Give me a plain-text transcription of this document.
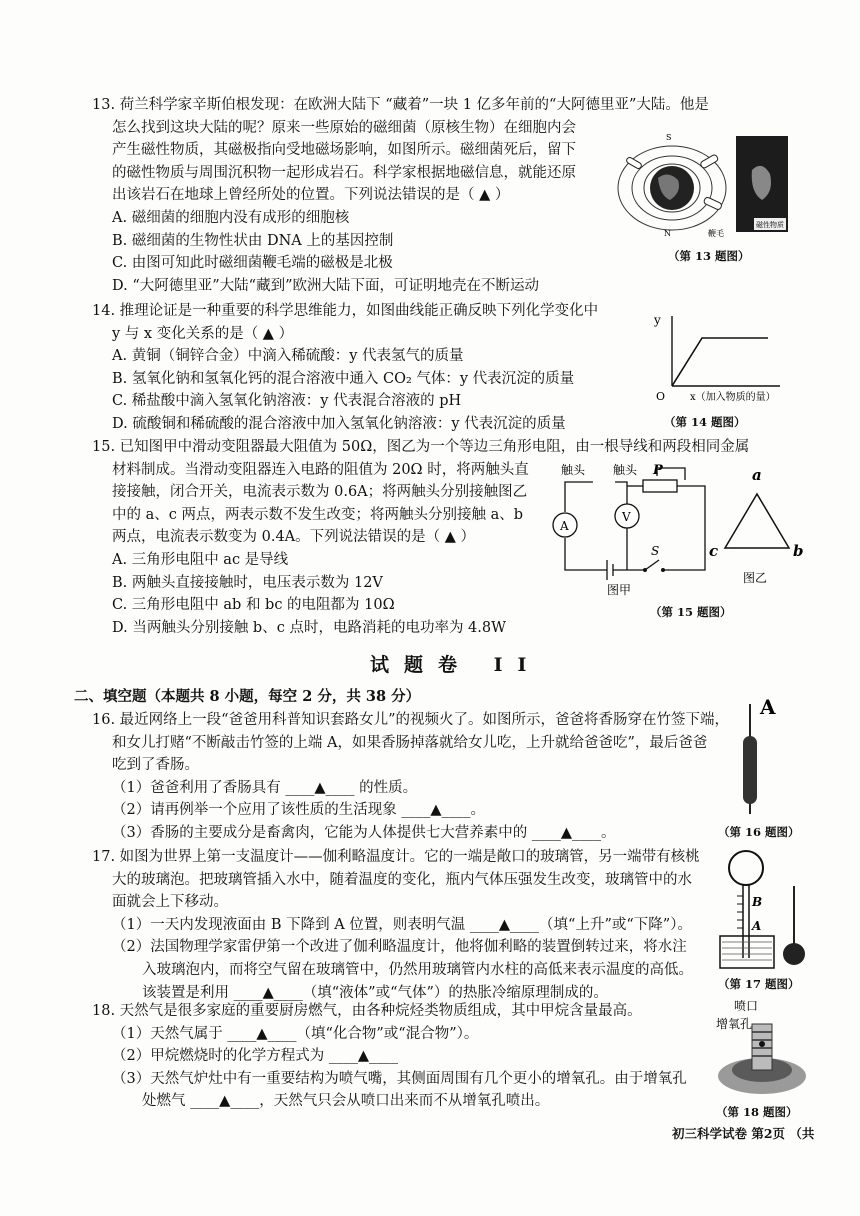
13. 荷兰科学家辛斯伯根发现：在欧洲大陆下 “藏着”一块 1 亿多年前的“大阿德里亚”大陆。他是

怎么找到这块大陆的呢？原来一些原始的磁细菌（原核生物）在细胞内会

产生磁性物质，其磁极指向受地磁场影响，如图所示。磁细菌死后，留下

的磁性物质与周围沉积物一起形成岩石。科学家根据地磁信息，就能还原

出该岩石在地球上曾经所处的位置。下列说法错误的是（ ▲ ）

A. 磁细菌的细胞内没有成形的细胞核

B. 磁细菌的生物性状由 DNA 上的基因控制

C. 由图可知此时磁细菌鞭毛端的磁极是北极

D. “大阿德里亚”大陆“藏到”欧洲大陆下面，可证明地壳在不断运动

S
N	鞭毛
磁性物质
（第 13 题图）

14. 推理论证是一种重要的科学思维能力，如图曲线能正确反映下列化学变化中

y 与 x 变化关系的是（ ▲ ）

A. 黄铜（铜锌合金）中滴入稀硫酸：y 代表氢气的质量

B. 氢氧化钠和氢氧化钙的混合溶液中通入 CO₂ 气体：y 代表沉淀的质量

C. 稀盐酸中滴入氢氧化钠溶液：y 代表混合溶液的 pH

D. 硫酸铜和稀硫酸的混合溶液中加入氢氧化钠溶液：y 代表沉淀的质量

y
O x（加入物质的量）
（第 14 题图）

15. 已知图甲中滑动变阻器最大阻值为 50Ω，图乙为一个等边三角形电阻，由一根导线和两段相同金属

材料制成。当滑动变阻器连入电路的阻值为 20Ω 时，将两触头直

接接触，闭合开关，电流表示数为 0.6A；将两触头分别接触图乙

中的 a、c 两点，两表示数不发生改变；将两触头分别接触 a、b

两点，电流表示数变为 0.4A。下列说法错误的是（ ▲ ）

A. 三角形电阻中 ac 是导线

B. 两触头直接接触时，电压表示数为 12V

C. 三角形电阻中 ab 和 bc 的电阻都为 10Ω

D. 当两触头分别接触 b、c 点时，电路消耗的电功率为 4.8W

触头 触头 P
A
V
S
图甲
a
b
c
图乙
（第 15 题图）
试题卷 II

二、填空题（本题共 8 小题，每空 2 分，共 38 分）

16. 最近网络上一段“爸爸用科普知识套路女儿”的视频火了。如图所示，爸爸将香肠穿在竹签下端，

和女儿打赌“不断敲击竹签的上端 A，如果香肠掉落就给女儿吃，上升就给爸爸吃”，最后爸爸

吃到了香肠。

（1）爸爸利用了香肠具有 ____▲____ 的性质。

（2）请再例举一个应用了该性质的生活现象 ____▲____。

（3）香肠的主要成分是畜禽肉，它能为人体提供七大营养素中的 ____▲____。

A
（第 16 题图）

17. 如图为世界上第一支温度计——伽利略温度计。它的一端是敞口的玻璃管，另一端带有核桃

大的玻璃泡。把玻璃管插入水中，随着温度的变化，瓶内气体压强发生改变，玻璃管中的水

面就会上下移动。

（1）一天内发现液面由 B 下降到 A 位置，则表明气温 ____▲____（填“上升”或“下降”）。

（2）法国物理学家雷伊第一个改进了伽利略温度计，他将伽利略的装置倒转过来，将水注

入玻璃泡内，而将空气留在玻璃管中，仍然用玻璃管内水柱的高低来表示温度的高低。

该装置是利用 ____▲____（填“液体”或“气体”）的热胀冷缩原理制成的。

B
A
（第 17 题图）

18. 天然气是很多家庭的重要厨房燃气，由各种烷烃类物质组成，其中甲烷含量最高。

（1）天然气属于 ____▲____（填“化合物”或“混合物”）。

（2）甲烷燃烧时的化学方程式为 ____▲____

（3）天然气炉灶中有一重要结构为喷气嘴，其侧面周围有几个更小的增氧孔。由于增氧孔

处燃气 ____▲____，天然气只会从喷口出来而不从增氧孔喷出。

喷口
增氧孔
（第 18 题图）
初三科学试卷 第2页 （共
